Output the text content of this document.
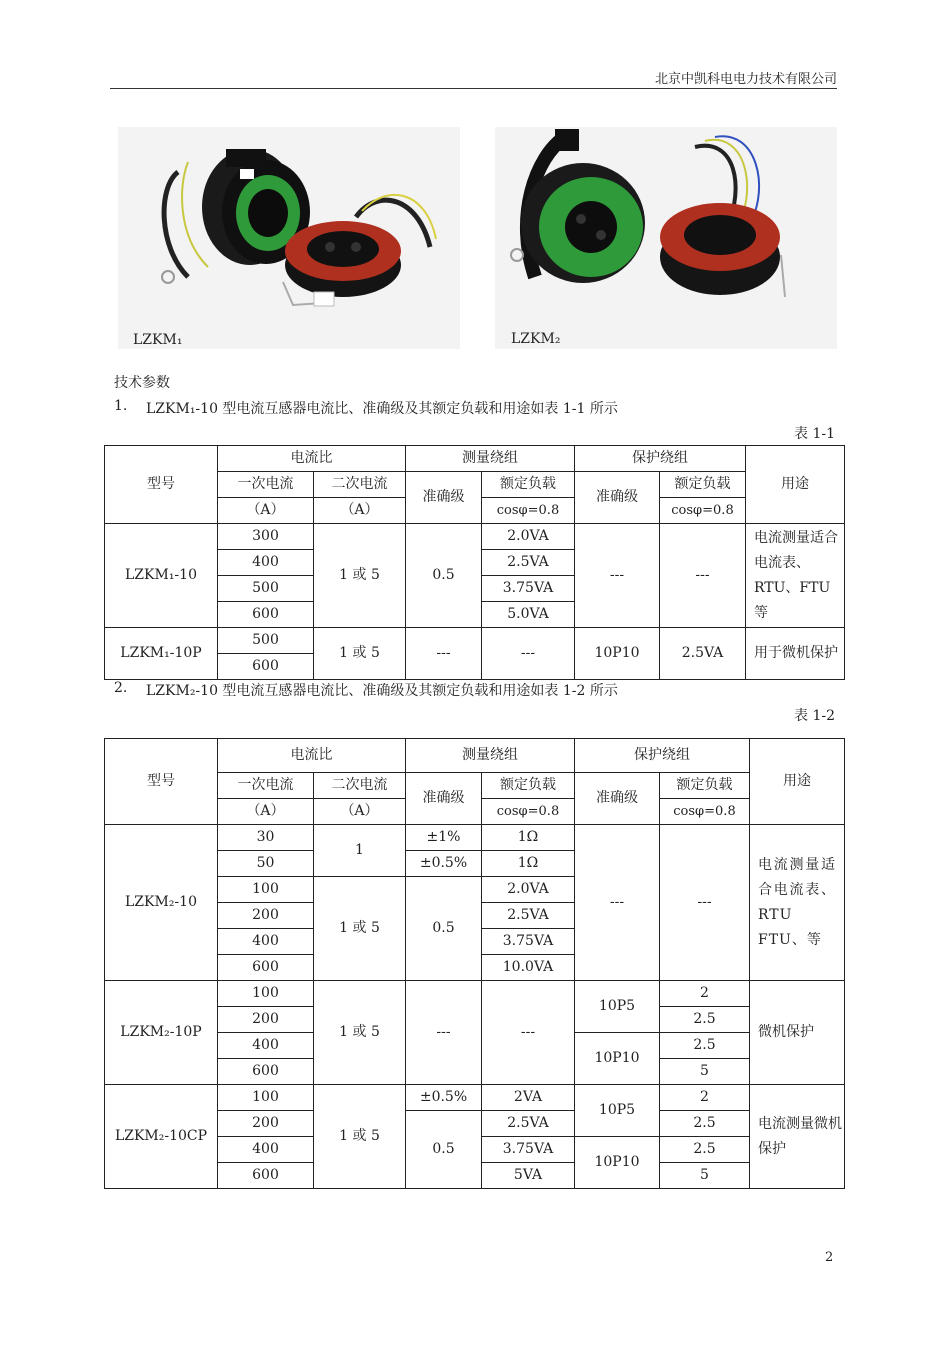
北京中凯科电电力技术有限公司
LZKM₁	LZKM₂
技术参数
1. LZKM₁-10 型电流互感器电流比、准确级及其额定负载和用途如表 1-1 所示
表 1-1
型号	电流比		测量绕组		保护绕组		用途
	一次电流	二次电流	准确级	额定负载	准确级	额定负载	
	（A）	（A）		cosφ=0.8		cosφ=0.8	
LZKM₁-10	300	1 或 5	0.5	2.0VA	---	---	电流测量适合电流表、RTU、FTU 等
	400			2.5VA			
	500			3.75VA			
	600			5.0VA			
LZKM₁-10P	500	1 或 5	---	---	10P10	2.5VA	用于微机保护
	600						
2. LZKM₂-10 型电流互感器电流比、准确级及其额定负载和用途如表 1-2 所示
表 1-2
型号	电流比		测量绕组		保护绕组		用途
	一次电流	二次电流	准确级	额定负载	准确级	额定负载	
	（A）	（A）		cosφ=0.8		cosφ=0.8	
LZKM₂-10	30	1	±1%	1Ω	---	---	电流测量适合电流表、RTU FTU、等
	50		±0.5%	1Ω			
	100	1 或 5	0.5	2.0VA			
	200			2.5VA			
	400			3.75VA			
	600			10.0VA			
LZKM₂-10P	100	1 或 5	---	---	10P5	2	微机保护
	200					2.5	
	400				10P10	2.5	
	600					5	
LZKM₂-10CP	100	1 或 5	±0.5%	2VA	10P5	2	电流测量微机保护
	200		0.5	2.5VA		2.5	
	400			3.75VA	10P10	2.5	
	600			5VA		5	
2
